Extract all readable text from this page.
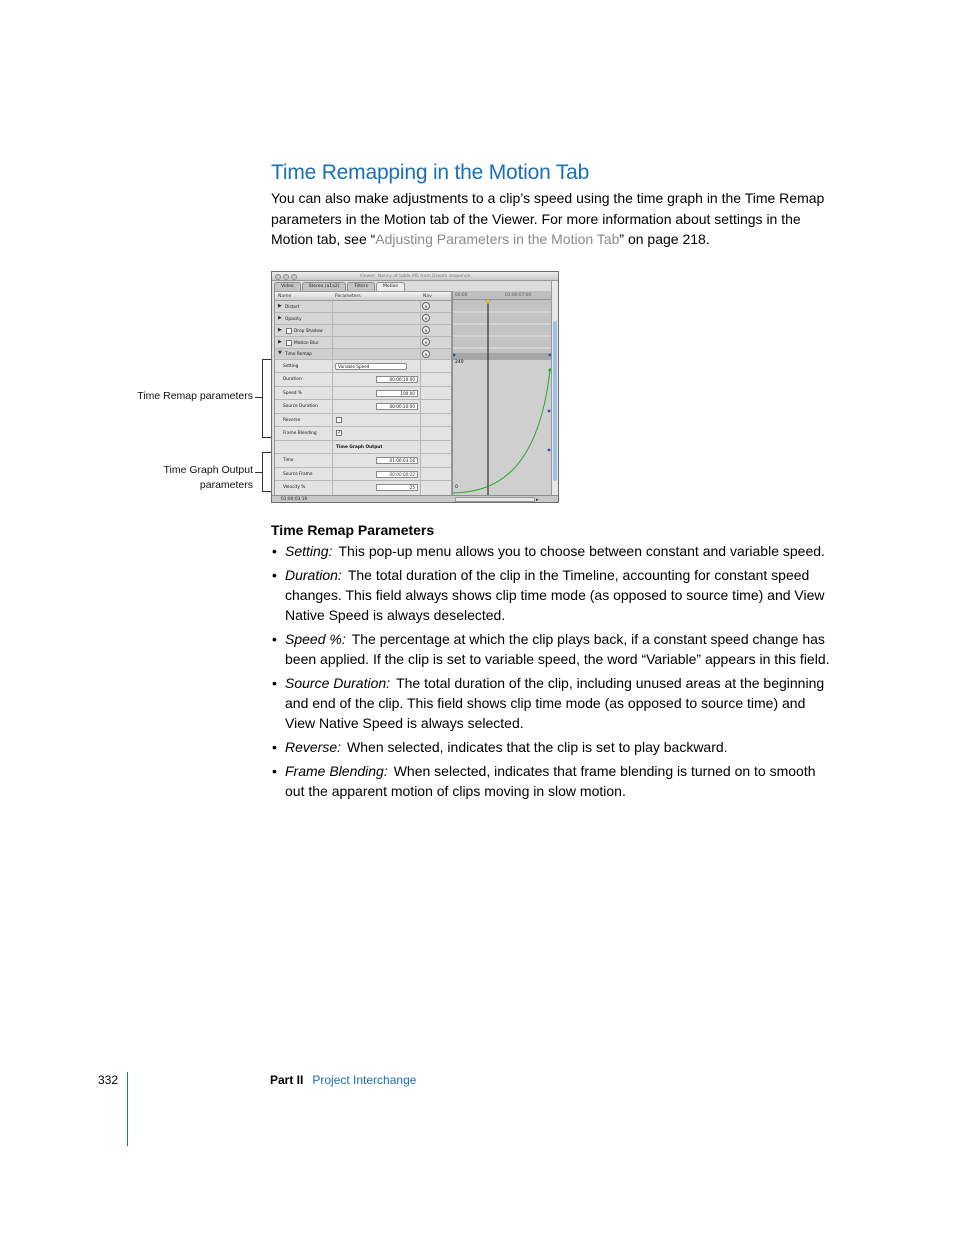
Time Remapping in the Motion Tab

You can also make adjustments to a clip’s speed using the time graph in the Time Remap parameters in the Motion tab of the Viewer. For more information about settings in the Motion tab, see “Adjusting Parameters in the Motion Tab” on page 218.

Viewer: Nancy at table MS from Dream sequence
Video	Stereo (a1a2)	Filters	Motion
Name	Parameters	Nav
▶ Distort	✕
▶ Opacity	✕
▶	Drop Shadow	✕
▶	Motion Blur	✕
▼ Time Remap	✕
Setting	Variable Speed
Duration	00:00:10:00
Speed %	100.00
Source Duration	00:00:10:00
Reverse
Frame Blending	✓
Time Graph Output
Time	01:00:03:16
Source Frame	00:00:00:22
Velocity %	25
00:00	01:00:07:00
240
0
01:00:03:16	▸
Time Remap parameters
Time Graph Output
parameters
Time Remap Parameters
• Setting: This pop-up menu allows you to choose between constant and variable speed.
• Duration: The total duration of the clip in the Timeline, accounting for constant speed changes. This field always shows clip time mode (as opposed to source time) and View Native Speed is always deselected.
• Speed %: The percentage at which the clip plays back, if a constant speed change has been applied. If the clip is set to variable speed, the word “Variable” appears in this field.
• Source Duration: The total duration of the clip, including unused areas at the beginning and end of the clip. This field shows clip time mode (as opposed to source time) and View Native Speed is always selected.
• Reverse: When selected, indicates that the clip is set to play backward.
• Frame Blending: When selected, indicates that frame blending is turned on to smooth out the apparent motion of clips moving in slow motion.
332	Part II Project Interchange
